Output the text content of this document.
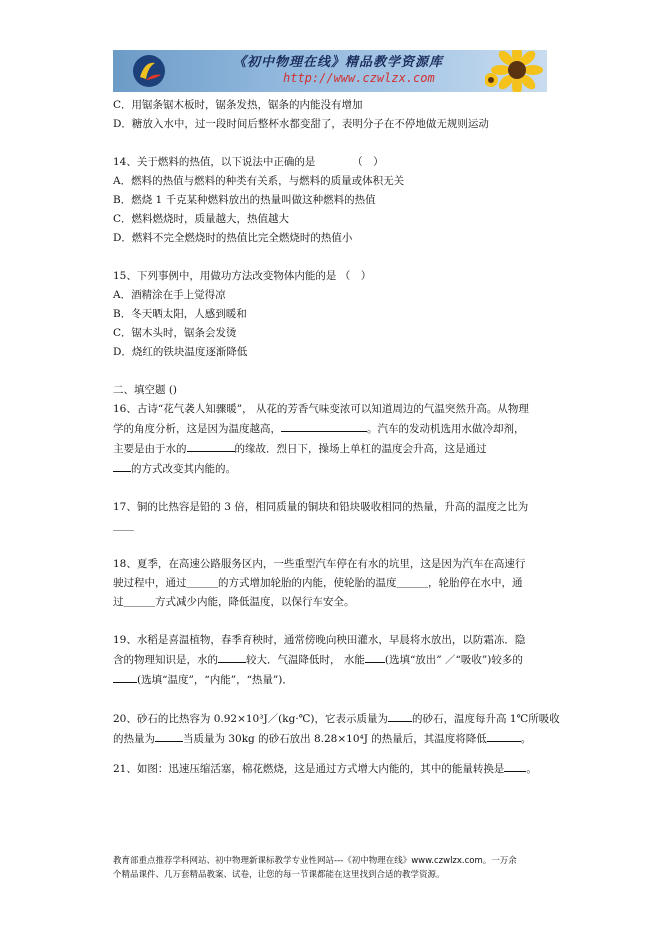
《初中物理在线》精品教学资源库
http://www.czwlzx.com
C．用锯条锯木板时，锯条发热，锯条的内能没有增加
D．糖放入水中，过一段时间后整杯水都变甜了，表明分子在不停地做无规则运动
14、关于燃料的热值，以下说法中正确的是　　　　（　）
A．燃料的热值与燃料的种类有关系，与燃料的质量或体积无关
B．燃烧 1 千克某种燃料放出的热量叫做这种燃料的热值
C．燃料燃烧时，质量越大，热值越大
D．燃料不完全燃烧时的热值比完全燃烧时的热值小
15、下列事例中，用做功方法改变物体内能的是 （　）
A．酒精涂在手上觉得凉
B．冬天晒太阳，人感到暖和
C．锯木头时，锯条会发烫
D．烧红的铁块温度逐渐降低
二、填空题 ()
16、古诗“花气袭人知骤暖”， 从花的芳香气味变浓可以知道周边的气温突然升高。从物理
学的角度分析，这是因为温度越高，	。汽车的发动机选用水做冷却剂，
主要是由于水的	的缘故．烈日下，操场上单杠的温度会升高，这是通过
的方式改变其内能的。
17、铜的比热容是铅的 3 倍，相同质量的铜块和铅块吸收相同的热量，升高的温度之比为
＿＿
18、夏季，在高速公路服务区内，一些重型汽车停在有水的坑里，这是因为汽车在高速行
驶过程中，通过＿＿＿的方式增加轮胎的内能，使轮胎的温度＿＿＿，轮胎停在水中，通
过＿＿＿方式减少内能，降低温度，以保行车安全。
19、水稻是喜温植物，春季育秧时，通常傍晚向秧田灌水，早晨将水放出，以防霜冻．隐
含的物理知识是，水的	较大．气温降低时， 水能 (选填“放出” ／“吸收”)较多的
(选填“温度”，“内能”，“热量”)．
20、砂石的比热容为 0.92×10³J／(kg·℃)，它表示质量为 的砂石，温度每升高 1℃所吸收
的热量为	当质量为 30kg 的砂石放出 8.28×10⁴J 的热量后，其温度将降低	。
21、如图：迅速压缩活塞，棉花燃烧，这是通过方式增大内能的，其中的能量转换是 。
教育部重点推荐学科网站、初中物理新课标教学专业性网站---《初中物理在线》www.czwlzx.com。一万余
个精品课件、几万套精品教案、试卷，让您的每一节课都能在这里找到合适的教学资源。
